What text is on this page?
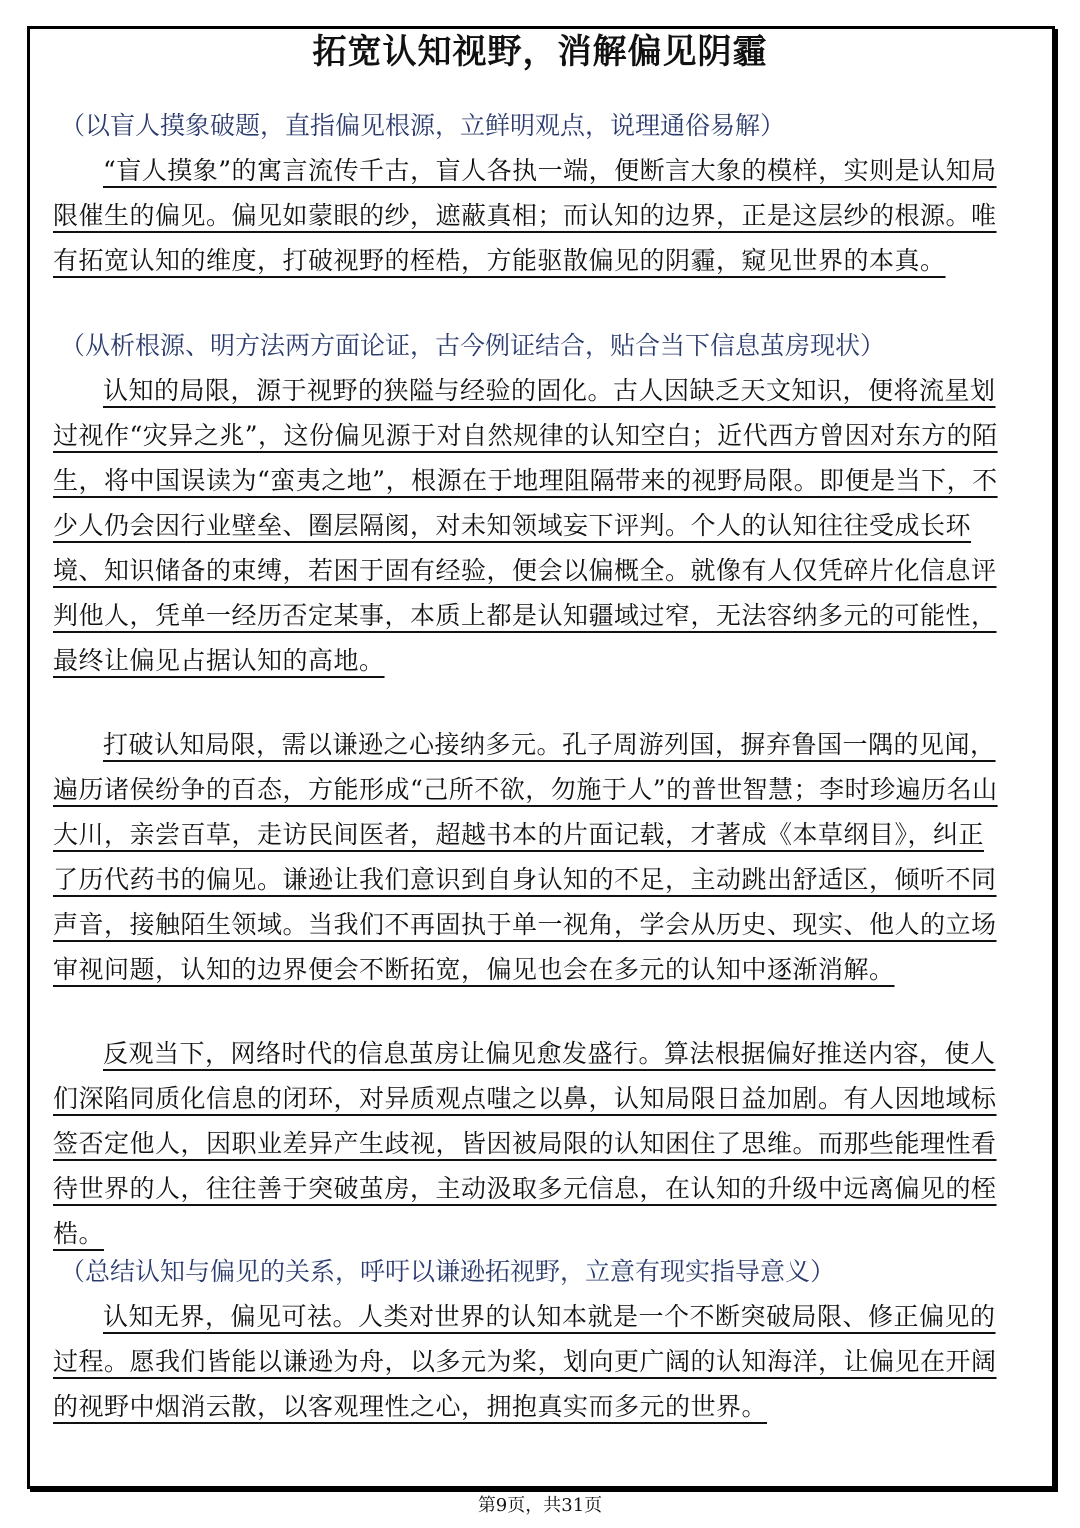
拓宽认知视野，消解偏见阴霾
（以盲人摸象破题，直指偏见根源，立鲜明观点，说理通俗易解）

“盲人摸象”的寓言流传千古，盲人各执一端，便断言大象的模样，实则是认知局限催生的偏见。偏见如蒙眼的纱，遮蔽真相；而认知的边界，正是这层纱的根源。唯有拓宽认知的维度，打破视野的桎梏，方能驱散偏见的阴霾，窥见世界的本真。

（从析根源、明方法两方面论证，古今例证结合，贴合当下信息茧房现状）

认知的局限，源于视野的狭隘与经验的固化。古人因缺乏天文知识，便将流星划过视作“灾异之兆”，这份偏见源于对自然规律的认知空白；近代西方曾因对东方的陌生，将中国误读为“蛮夷之地”，根源在于地理阻隔带来的视野局限。即便是当下，不少人仍会因行业壁垒、圈层隔阂，对未知领域妄下评判。个人的认知往往受成长环境、知识储备的束缚，若困于固有经验，便会以偏概全。就像有人仅凭碎片化信息评判他人，凭单一经历否定某事，本质上都是认知疆域过窄，无法容纳多元的可能性，最终让偏见占据认知的高地。

打破认知局限，需以谦逊之心接纳多元。孔子周游列国，摒弃鲁国一隅的见闻，遍历诸侯纷争的百态，方能形成“己所不欲，勿施于人”的普世智慧；李时珍遍历名山大川，亲尝百草，走访民间医者，超越书本的片面记载，才著成《本草纲目》，纠正了历代药书的偏见。谦逊让我们意识到自身认知的不足，主动跳出舒适区，倾听不同声音，接触陌生领域。当我们不再固执于单一视角，学会从历史、现实、他人的立场审视问题，认知的边界便会不断拓宽，偏见也会在多元的认知中逐渐消解。

反观当下，网络时代的信息茧房让偏见愈发盛行。算法根据偏好推送内容，使人们深陷同质化信息的闭环，对异质观点嗤之以鼻，认知局限日益加剧。有人因地域标签否定他人，因职业差异产生歧视，皆因被局限的认知困住了思维。而那些能理性看待世界的人，往往善于突破茧房，主动汲取多元信息，在认知的升级中远离偏见的桎梏。

（总结认知与偏见的关系，呼吁以谦逊拓视野，立意有现实指导意义）

认知无界，偏见可祛。人类对世界的认知本就是一个不断突破局限、修正偏见的过程。愿我们皆能以谦逊为舟，以多元为桨，划向更广阔的认知海洋，让偏见在开阔的视野中烟消云散，以客观理性之心，拥抱真实而多元的世界。

第9页，共31页
